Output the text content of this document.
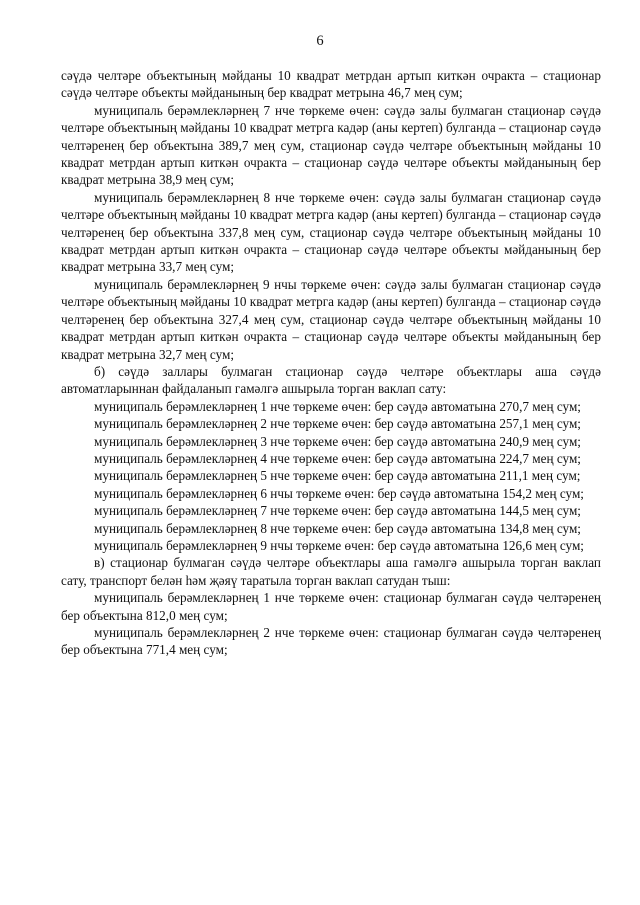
6

сәүдә челтәре объектының мәйданы 10 квадрат метрдан артып киткән очракта – стационар сәүдә челтәре объекты мәйданының бер квадрат метрына 46,7 мең сум;

муниципаль берәмлекләрнең 7 нче төркеме өчен: сәүдә залы булмаган стационар сәүдә челтәре объектының мәйданы 10 квадрат метрга кадәр (аны кертеп) булганда – стационар сәүдә челтәренең бер объектына 389,7 мең сум, стационар сәүдә челтәре объектының мәйданы 10 квадрат метрдан артып киткән очракта – стационар сәүдә челтәре объекты мәйданының бер квадрат метрына 38,9 мең сум;

муниципаль берәмлекләрнең 8 нче төркеме өчен: сәүдә залы булмаган стационар сәүдә челтәре объектының мәйданы 10 квадрат метрга кадәр (аны кертеп) булганда – стационар сәүдә челтәренең бер объектына 337,8 мең сум, стационар сәүдә челтәре объектының мәйданы 10 квадрат метрдан артып киткән очракта – стационар сәүдә челтәре объекты мәйданының бер квадрат метрына 33,7 мең сум;

муниципаль берәмлекләрнең 9 нчы төркеме өчен: сәүдә залы булмаган стационар сәүдә челтәре объектының мәйданы 10 квадрат метрга кадәр (аны кертеп) булганда – стационар сәүдә челтәренең бер объектына 327,4 мең сум, стационар сәүдә челтәре объектының мәйданы 10 квадрат метрдан артып киткән очракта – стационар сәүдә челтәре объекты мәйданының бер квадрат метрына 32,7 мең сум;

б) сәүдә заллары булмаган стационар сәүдә челтәре объектлары аша сәүдә автоматларыннан файдаланып гамәлгә ашырыла торган ваклап сату:

муниципаль берәмлекләрнең 1 нче төркеме өчен: бер сәүдә автоматына 270,7 мең сум;

муниципаль берәмлекләрнең 2 нче төркеме өчен: бер сәүдә автоматына 257,1 мең сум;

муниципаль берәмлекләрнең 3 нче төркеме өчен: бер сәүдә автоматына 240,9 мең сум;

муниципаль берәмлекләрнең 4 нче төркеме өчен: бер сәүдә автоматына 224,7 мең сум;

муниципаль берәмлекләрнең 5 нче төркеме өчен: бер сәүдә автоматына 211,1 мең сум;

муниципаль берәмлекләрнең 6 нчы төркеме өчен: бер сәүдә автоматына 154,2 мең сум;

муниципаль берәмлекләрнең 7 нче төркеме өчен: бер сәүдә автоматына 144,5 мең сум;

муниципаль берәмлекләрнең 8 нче төркеме өчен: бер сәүдә автоматына 134,8 мең сум;

муниципаль берәмлекләрнең 9 нчы төркеме өчен: бер сәүдә автоматына 126,6 мең сум;

в) стационар булмаган сәүдә челтәре объектлары аша гамәлгә ашырыла торган ваклап сату, транспорт белән һәм җәяү таратыла торган ваклап сатудан тыш:

муниципаль берәмлекләрнең 1 нче төркеме өчен: стационар булмаган сәүдә челтәренең бер объектына 812,0 мең сум;

муниципаль берәмлекләрнең 2 нче төркеме өчен: стационар булмаган сәүдә челтәренең бер объектына 771,4 мең сум;
